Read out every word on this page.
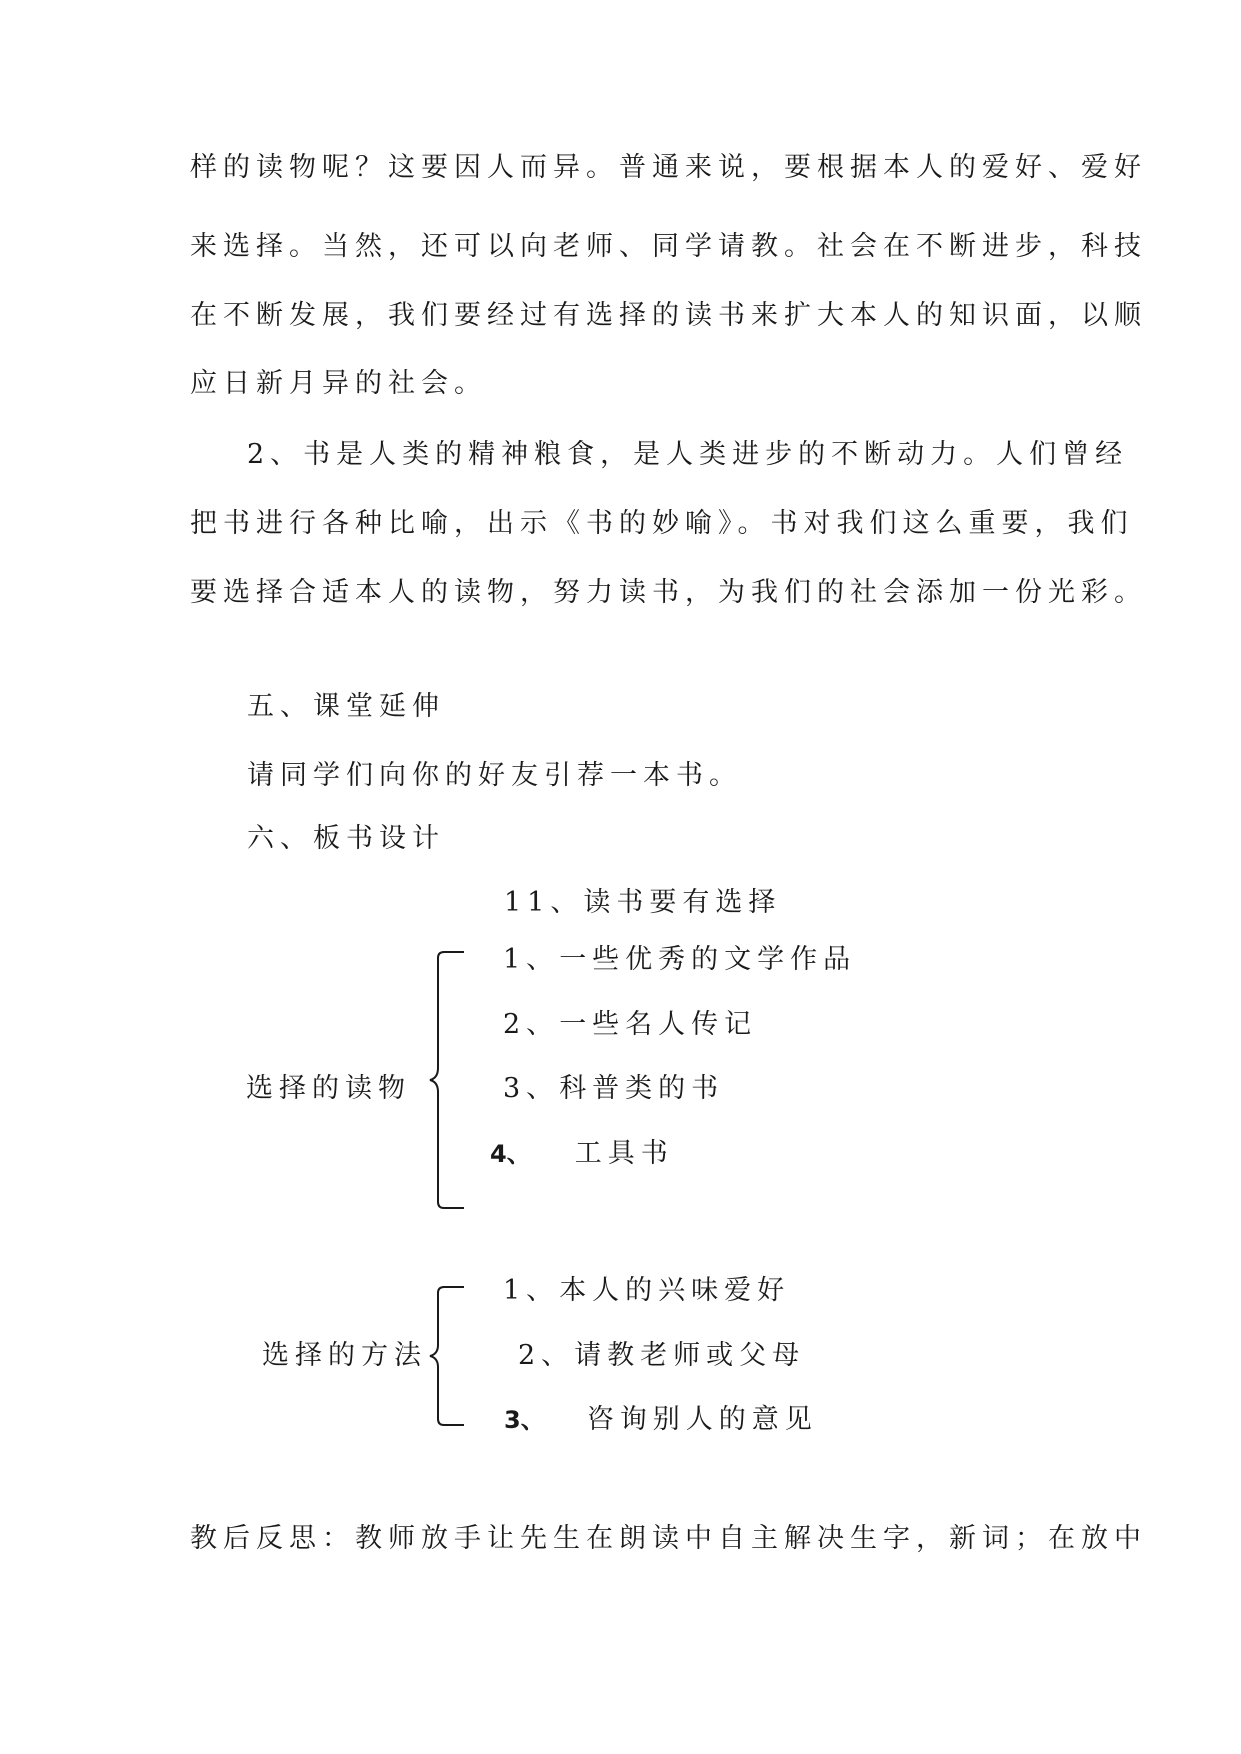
样的读物呢？这要因人而异。普通来说，要根据本人的爱好、爱好
来选择。当然，还可以向老师、同学请教。社会在不断进步，科技
在不断发展，我们要经过有选择的读书来扩大本人的知识面，以顺
应日新月异的社会。
2、书是人类的精神粮食，是人类进步的不断动力。人们曾经
把书进行各种比喻，出示《书的妙喻》。书对我们这么重要，我们
要选择合适本人的读物，努力读书，为我们的社会添加一份光彩。
五、课堂延伸
请同学们向你的好友引荐一本书。
六、板书设计
11、读书要有选择
选择的读物
1、一些优秀的文学作品
2、一些名人传记
3、科普类的书
4、 工具书
选择的方法
1、本人的兴味爱好
2、请教老师或父母
3、 咨询别人的意见
教后反思：教师放手让先生在朗读中自主解决生字，新词；在放中
